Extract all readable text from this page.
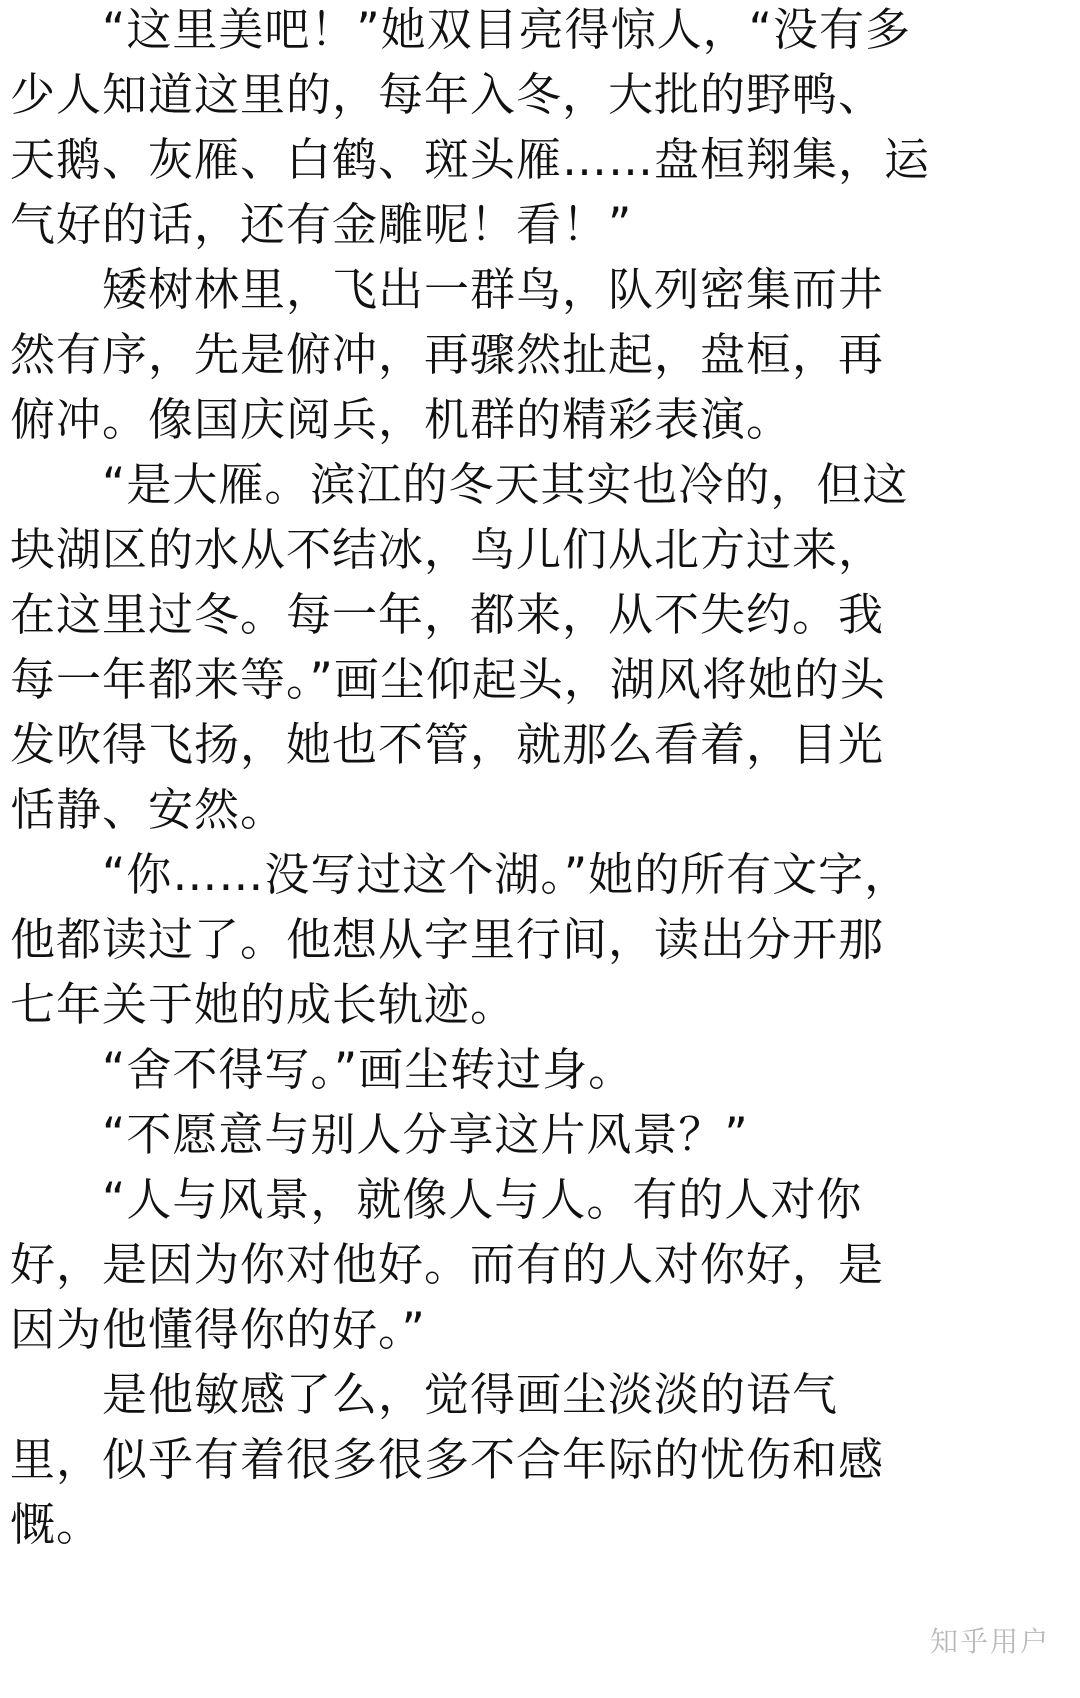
　　“这里美吧！”她双目亮得惊人，“没有多
少人知道这里的，每年入冬，大批的野鸭、
天鹅、灰雁、白鹤、斑头雁……盘桓翔集，运
气好的话，还有金雕呢！看！”
　　矮树林里，飞出一群鸟，队列密集而井
然有序，先是俯冲，再骤然扯起，盘桓，再
俯冲。像国庆阅兵，机群的精彩表演。
　　“是大雁。滨江的冬天其实也冷的，但这
块湖区的水从不结冰，鸟儿们从北方过来，
在这里过冬。每一年，都来，从不失约。我
每一年都来等。”画尘仰起头，湖风将她的头
发吹得飞扬，她也不管，就那么看着，目光
恬静、安然。
　　“你……没写过这个湖。”她的所有文字，
他都读过了。他想从字里行间，读出分开那
七年关于她的成长轨迹。
　　“舍不得写。”画尘转过身。
　　“不愿意与别人分享这片风景？”
　　“人与风景，就像人与人。有的人对你
好，是因为你对他好。而有的人对你好，是
因为他懂得你的好。”
　　是他敏感了么，觉得画尘淡淡的语气
里，似乎有着很多很多不合年际的忧伤和感
慨。
知乎用户
